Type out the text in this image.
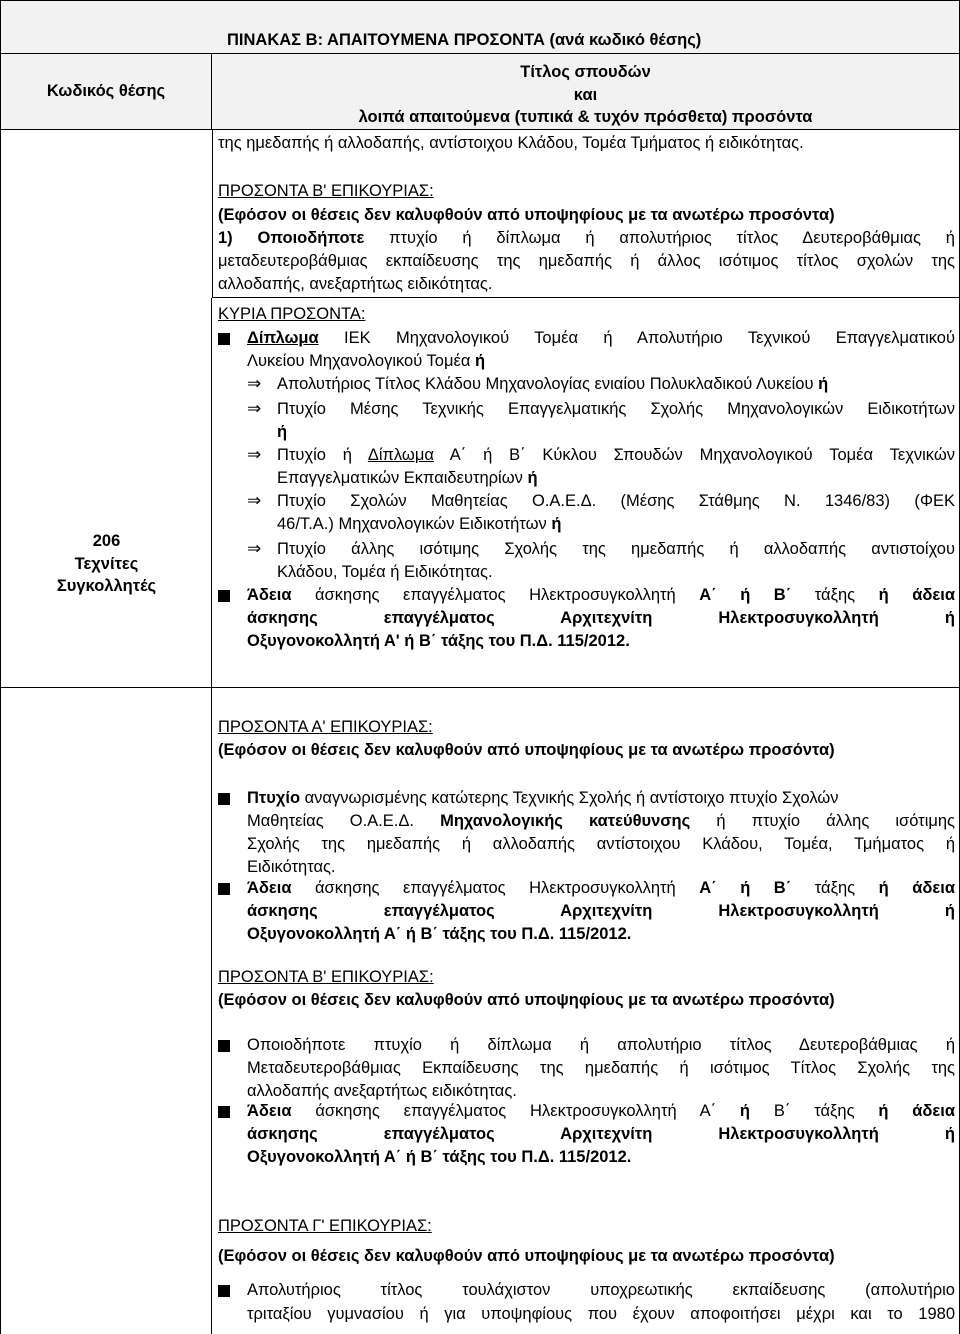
ΠΙΝΑΚΑΣ Β: ΑΠΑΙΤΟΥΜΕΝΑ ΠΡΟΣΟΝΤΑ (ανά κωδικό θέσης)
Κωδικός θέσης
Τίτλος σπουδών
και
λοιπά απαιτούμενα (τυπικά & τυχόν πρόσθετα) προσόντα
206
Τεχνίτες
Συγκολλητές
της ημεδαπής ή αλλοδαπής, αντίστοιχου Κλάδου, Τομέα Τμήματος ή ειδικότητας.
ΠΡΟΣΟΝΤΑ Β' ΕΠΙΚΟΥΡΙΑΣ:
(Εφόσον οι θέσεις δεν καλυφθούν από υποψηφίους με τα ανωτέρω προσόντα)
1) Οποιοδήποτε πτυχίο ή δίπλωμα ή απολυτήριος τίτλος Δευτεροβάθμιας ή
μεταδευτεροβάθμιας εκπαίδευσης της ημεδαπής ή άλλος ισότιμος τίτλος σχολών της
αλλοδαπής, ανεξαρτήτως ειδικότητας.
ΚΥΡΙΑ ΠΡΟΣΟΝΤΑ:
Δίπλωμα ΙΕΚ Μηχανολογικού Τομέα ή Απολυτήριο Τεχνικού Επαγγελματικού
Λυκείου Μηχανολογικού Τομέα ή
⇒ Απολυτήριος Τίτλος Κλάδου Μηχανολογίας ενιαίου Πολυκλαδικού Λυκείου ή
⇒ Πτυχίο Μέσης Τεχνικής Επαγγελματικής Σχολής Μηχανολογικών Ειδικοτήτων
ή
⇒ Πτυχίο ή Δίπλωμα Α΄ ή Β΄ Κύκλου Σπουδών Μηχανολογικού Τομέα Τεχνικών
Επαγγελματικών Εκπαιδευτηρίων ή
⇒ Πτυχίο Σχολών Μαθητείας Ο.Α.Ε.Δ. (Μέσης Στάθμης Ν. 1346/83) (ΦΕΚ
46/Τ.Α.) Μηχανολογικών Ειδικοτήτων ή
⇒ Πτυχίο άλλης ισότιμης Σχολής της ημεδαπής ή αλλοδαπής αντιστοίχου
Κλάδου, Τομέα ή Ειδικότητας.
Άδεια άσκησης επαγγέλματος Ηλεκτροσυγκολλητή Α΄ ή Β΄ τάξης ή άδεια
άσκησης επαγγέλματος Αρχιτεχνίτη Ηλεκτροσυγκολλητή ή
Οξυγονοκολλητή Α' ή Β΄ τάξης του Π.Δ. 115/2012.
ΠΡΟΣΟΝΤΑ Α' ΕΠΙΚΟΥΡΙΑΣ:
(Εφόσον οι θέσεις δεν καλυφθούν από υποψηφίους με τα ανωτέρω προσόντα)
Πτυχίο αναγνωρισμένης κατώτερης Τεχνικής Σχολής ή αντίστοιχο πτυχίο Σχολών
Μαθητείας Ο.Α.Ε.Δ. Μηχανολογικής κατεύθυνσης ή πτυχίο άλλης ισότιμης
Σχολής της ημεδαπής ή αλλοδαπής αντίστοιχου Κλάδου, Τομέα, Τμήματος ή
Ειδικότητας.
Άδεια άσκησης επαγγέλματος Ηλεκτροσυγκολλητή Α΄ ή Β΄ τάξης ή άδεια
άσκησης επαγγέλματος Αρχιτεχνίτη Ηλεκτροσυγκολλητή ή
Οξυγονοκολλητή Α΄ ή Β΄ τάξης του Π.Δ. 115/2012.
ΠΡΟΣΟΝΤΑ Β' ΕΠΙΚΟΥΡΙΑΣ:
(Εφόσον οι θέσεις δεν καλυφθούν από υποψηφίους με τα ανωτέρω προσόντα)
Οποιοδήποτε πτυχίο ή δίπλωμα ή απολυτήριο τίτλος Δευτεροβάθμιας ή
Μεταδευτεροβάθμιας Εκπαίδευσης της ημεδαπής ή ισότιμος Τίτλος Σχολής της
αλλοδαπής ανεξαρτήτως ειδικότητας.
Άδεια άσκησης επαγγέλματος Ηλεκτροσυγκολλητή Α΄ ή Β΄ τάξης ή άδεια
άσκησης επαγγέλματος Αρχιτεχνίτη Ηλεκτροσυγκολλητή ή
Οξυγονοκολλητή Α΄ ή Β΄ τάξης του Π.Δ. 115/2012.
ΠΡΟΣΟΝΤΑ Γ' ΕΠΙΚΟΥΡΙΑΣ:
(Εφόσον οι θέσεις δεν καλυφθούν από υποψηφίους με τα ανωτέρω προσόντα)
Απολυτήριος τίτλος τουλάχιστον υποχρεωτικής εκπαίδευσης (απολυτήριο
τριταξίου γυμνασίου ή για υποψηφίους που έχουν αποφοιτήσει μέχρι και το 1980
